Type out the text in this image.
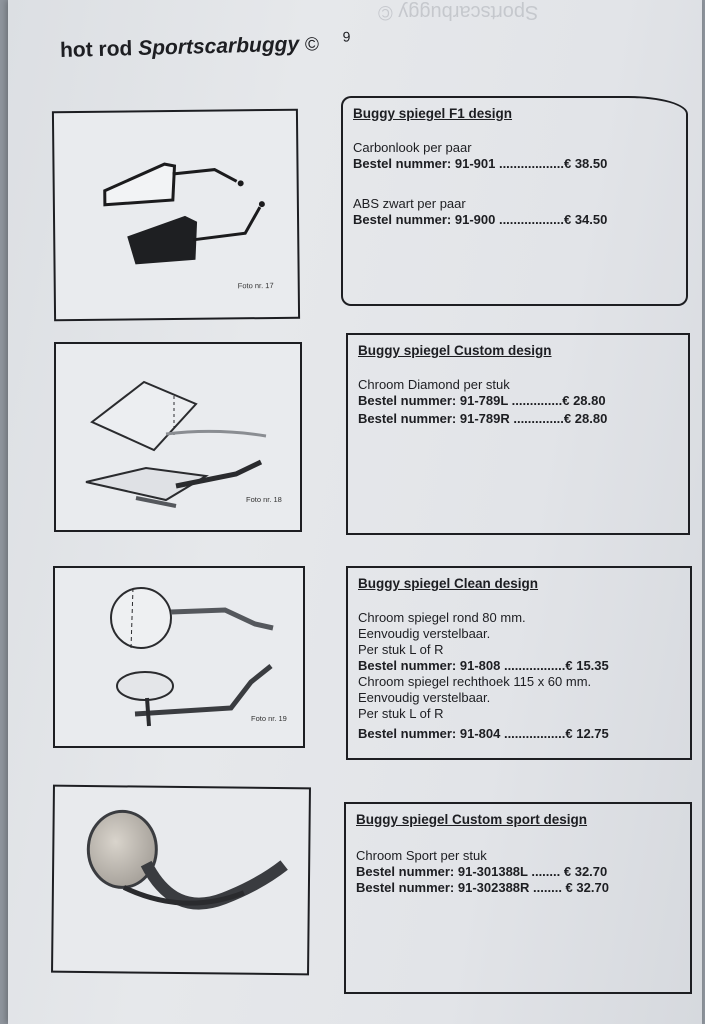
Sportscarbuggy ©
hot rod Sportscarbuggy © $^9$
Foto nr. 17
Buggy spiegel F1 design
Carbonlook per paar
Bestel nummer: 91-901 ..................€ 38.50
ABS zwart per paar
Bestel nummer: 91-900 ..................€ 34.50
Foto nr. 18
Buggy spiegel Custom design
Chroom Diamond per stuk
Bestel nummer: 91-789L ..............€ 28.80
Bestel nummer: 91-789R ..............€ 28.80
Foto nr. 19
Buggy spiegel Clean design
Chroom spiegel rond 80 mm.
Eenvoudig verstelbaar.
Per stuk L of R
Bestel nummer: 91-808 .................€ 15.35
Chroom spiegel rechthoek 115 x 60 mm.
Eenvoudig verstelbaar.
Per stuk L of R
Bestel nummer: 91-804 .................€ 12.75
Buggy spiegel Custom sport design
Chroom Sport per stuk
Bestel nummer: 91-301388L ........ € 32.70
Bestel nummer: 91-302388R ........ € 32.70
